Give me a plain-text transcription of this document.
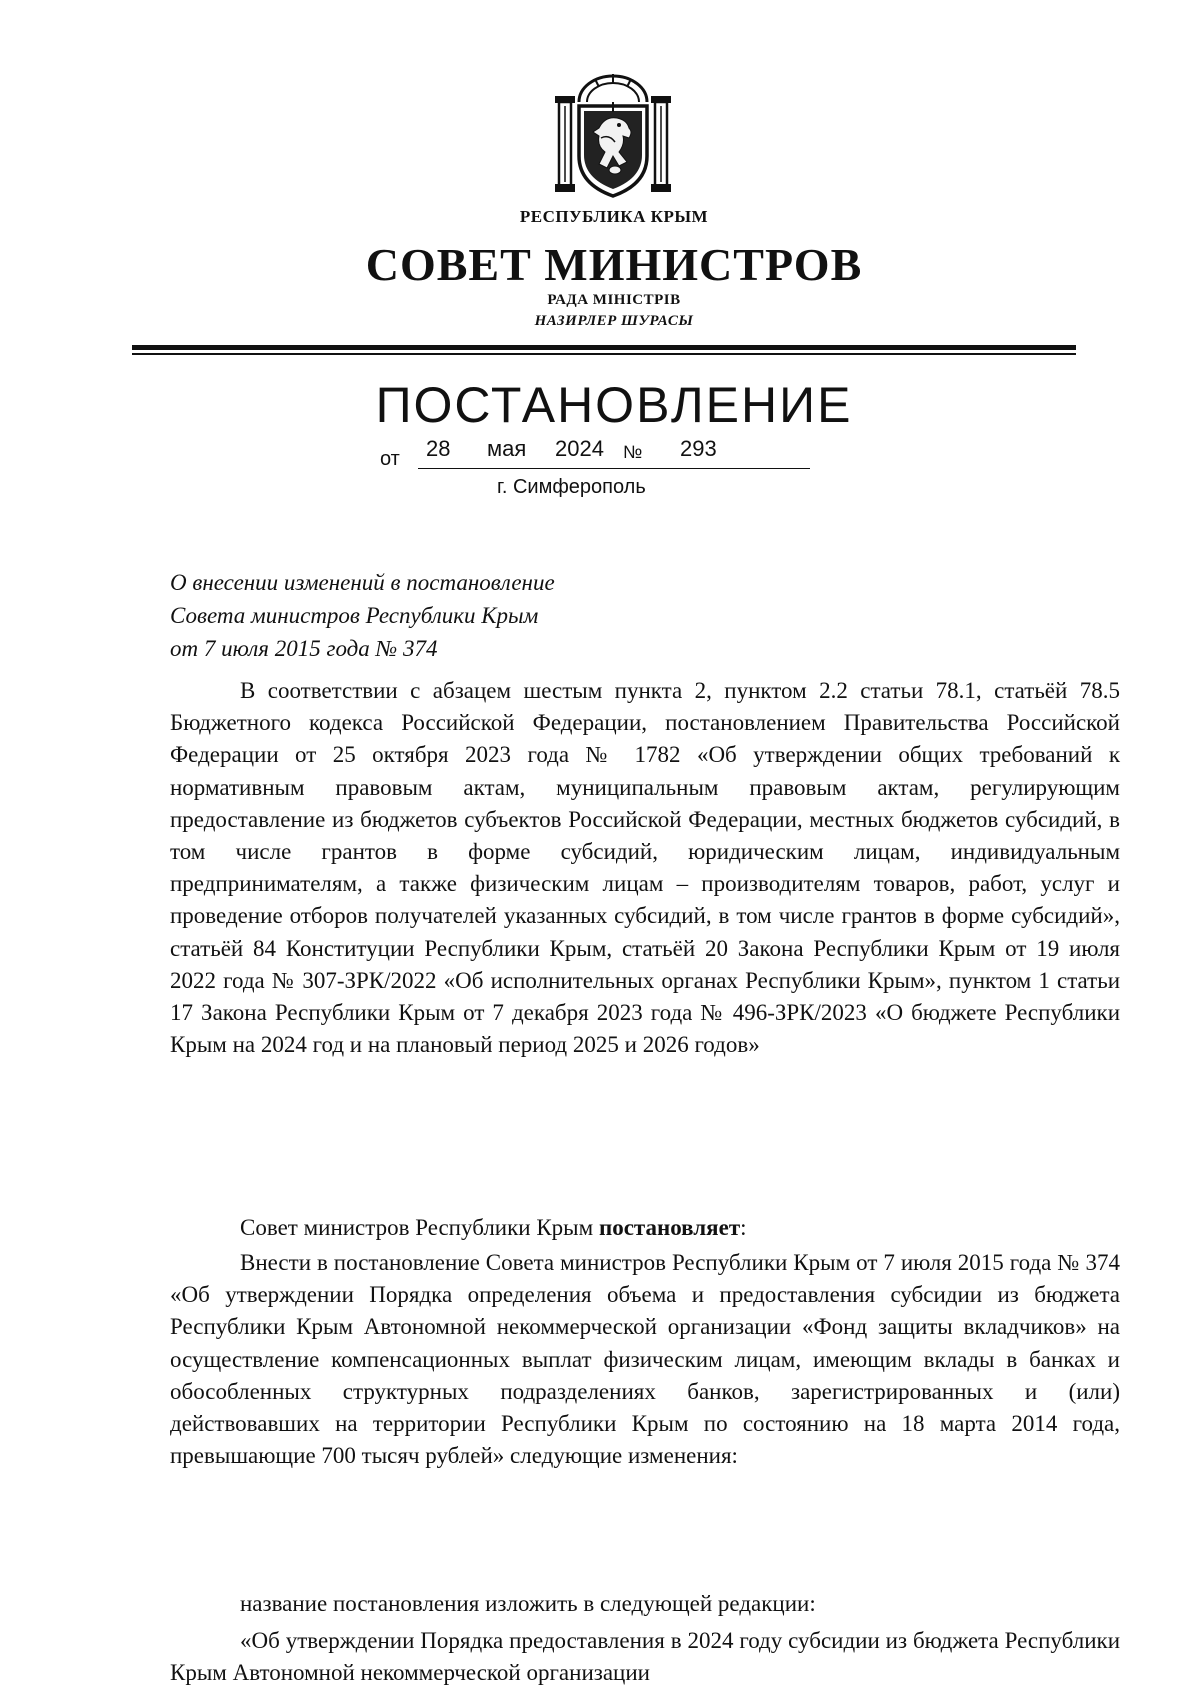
РЕСПУБЛИКА КРЫМ
СОВЕТ МИНИСТРОВ
РАДА МІНІСТРІВ
НАЗИРЛЕР ШУРАСЫ
ПОСТАНОВЛЕНИЕ
от 28 мая 2024 № 293
г. Симферополь
О внесении изменений в постановление
Совета министров Республики Крым
от 7 июля 2015 года № 374
В соответствии с абзацем шестым пункта 2, пунктом 2.2 статьи 78.1, статьёй 78.5 Бюджетного кодекса Российской Федерации, постановлением Правительства Российской Федерации от 25 октября 2023 года № 1782 «Об утверждении общих требований к нормативным правовым актам, муниципальным правовым актам, регулирующим предоставление из бюджетов субъектов Российской Федерации, местных бюджетов субсидий, в том числе грантов в форме субсидий, юридическим лицам, индивидуальным предпринимателям, а также физическим лицам – производителям товаров, работ, услуг и проведение отборов получателей указанных субсидий, в том числе грантов в форме субсидий», статьёй 84 Конституции Республики Крым, статьёй 20 Закона Республики Крым от 19 июля 2022 года № 307-ЗРК/2022 «Об исполнительных органах Республики Крым», пунктом 1 статьи 17 Закона Республики Крым от 7 декабря 2023 года № 496-ЗРК/2023 «О бюджете Республики Крым на 2024 год и на плановый период 2025 и 2026 годов»
Совет министров Республики Крым постановляет:
Внести в постановление Совета министров Республики Крым от 7 июля 2015 года № 374 «Об утверждении Порядка определения объема и предоставления субсидии из бюджета Республики Крым Автономной некоммерческой организации «Фонд защиты вкладчиков» на осуществление компенсационных выплат физическим лицам, имеющим вклады в банках и обособленных структурных подразделениях банков, зарегистрированных и (или) действовавших на территории Республики Крым по состоянию на 18 марта 2014 года, превышающие 700 тысяч рублей» следующие изменения:
название постановления изложить в следующей редакции:
«Об утверждении Порядка предоставления в 2024 году субсидии из бюджета Республики Крым Автономной некоммерческой организации
